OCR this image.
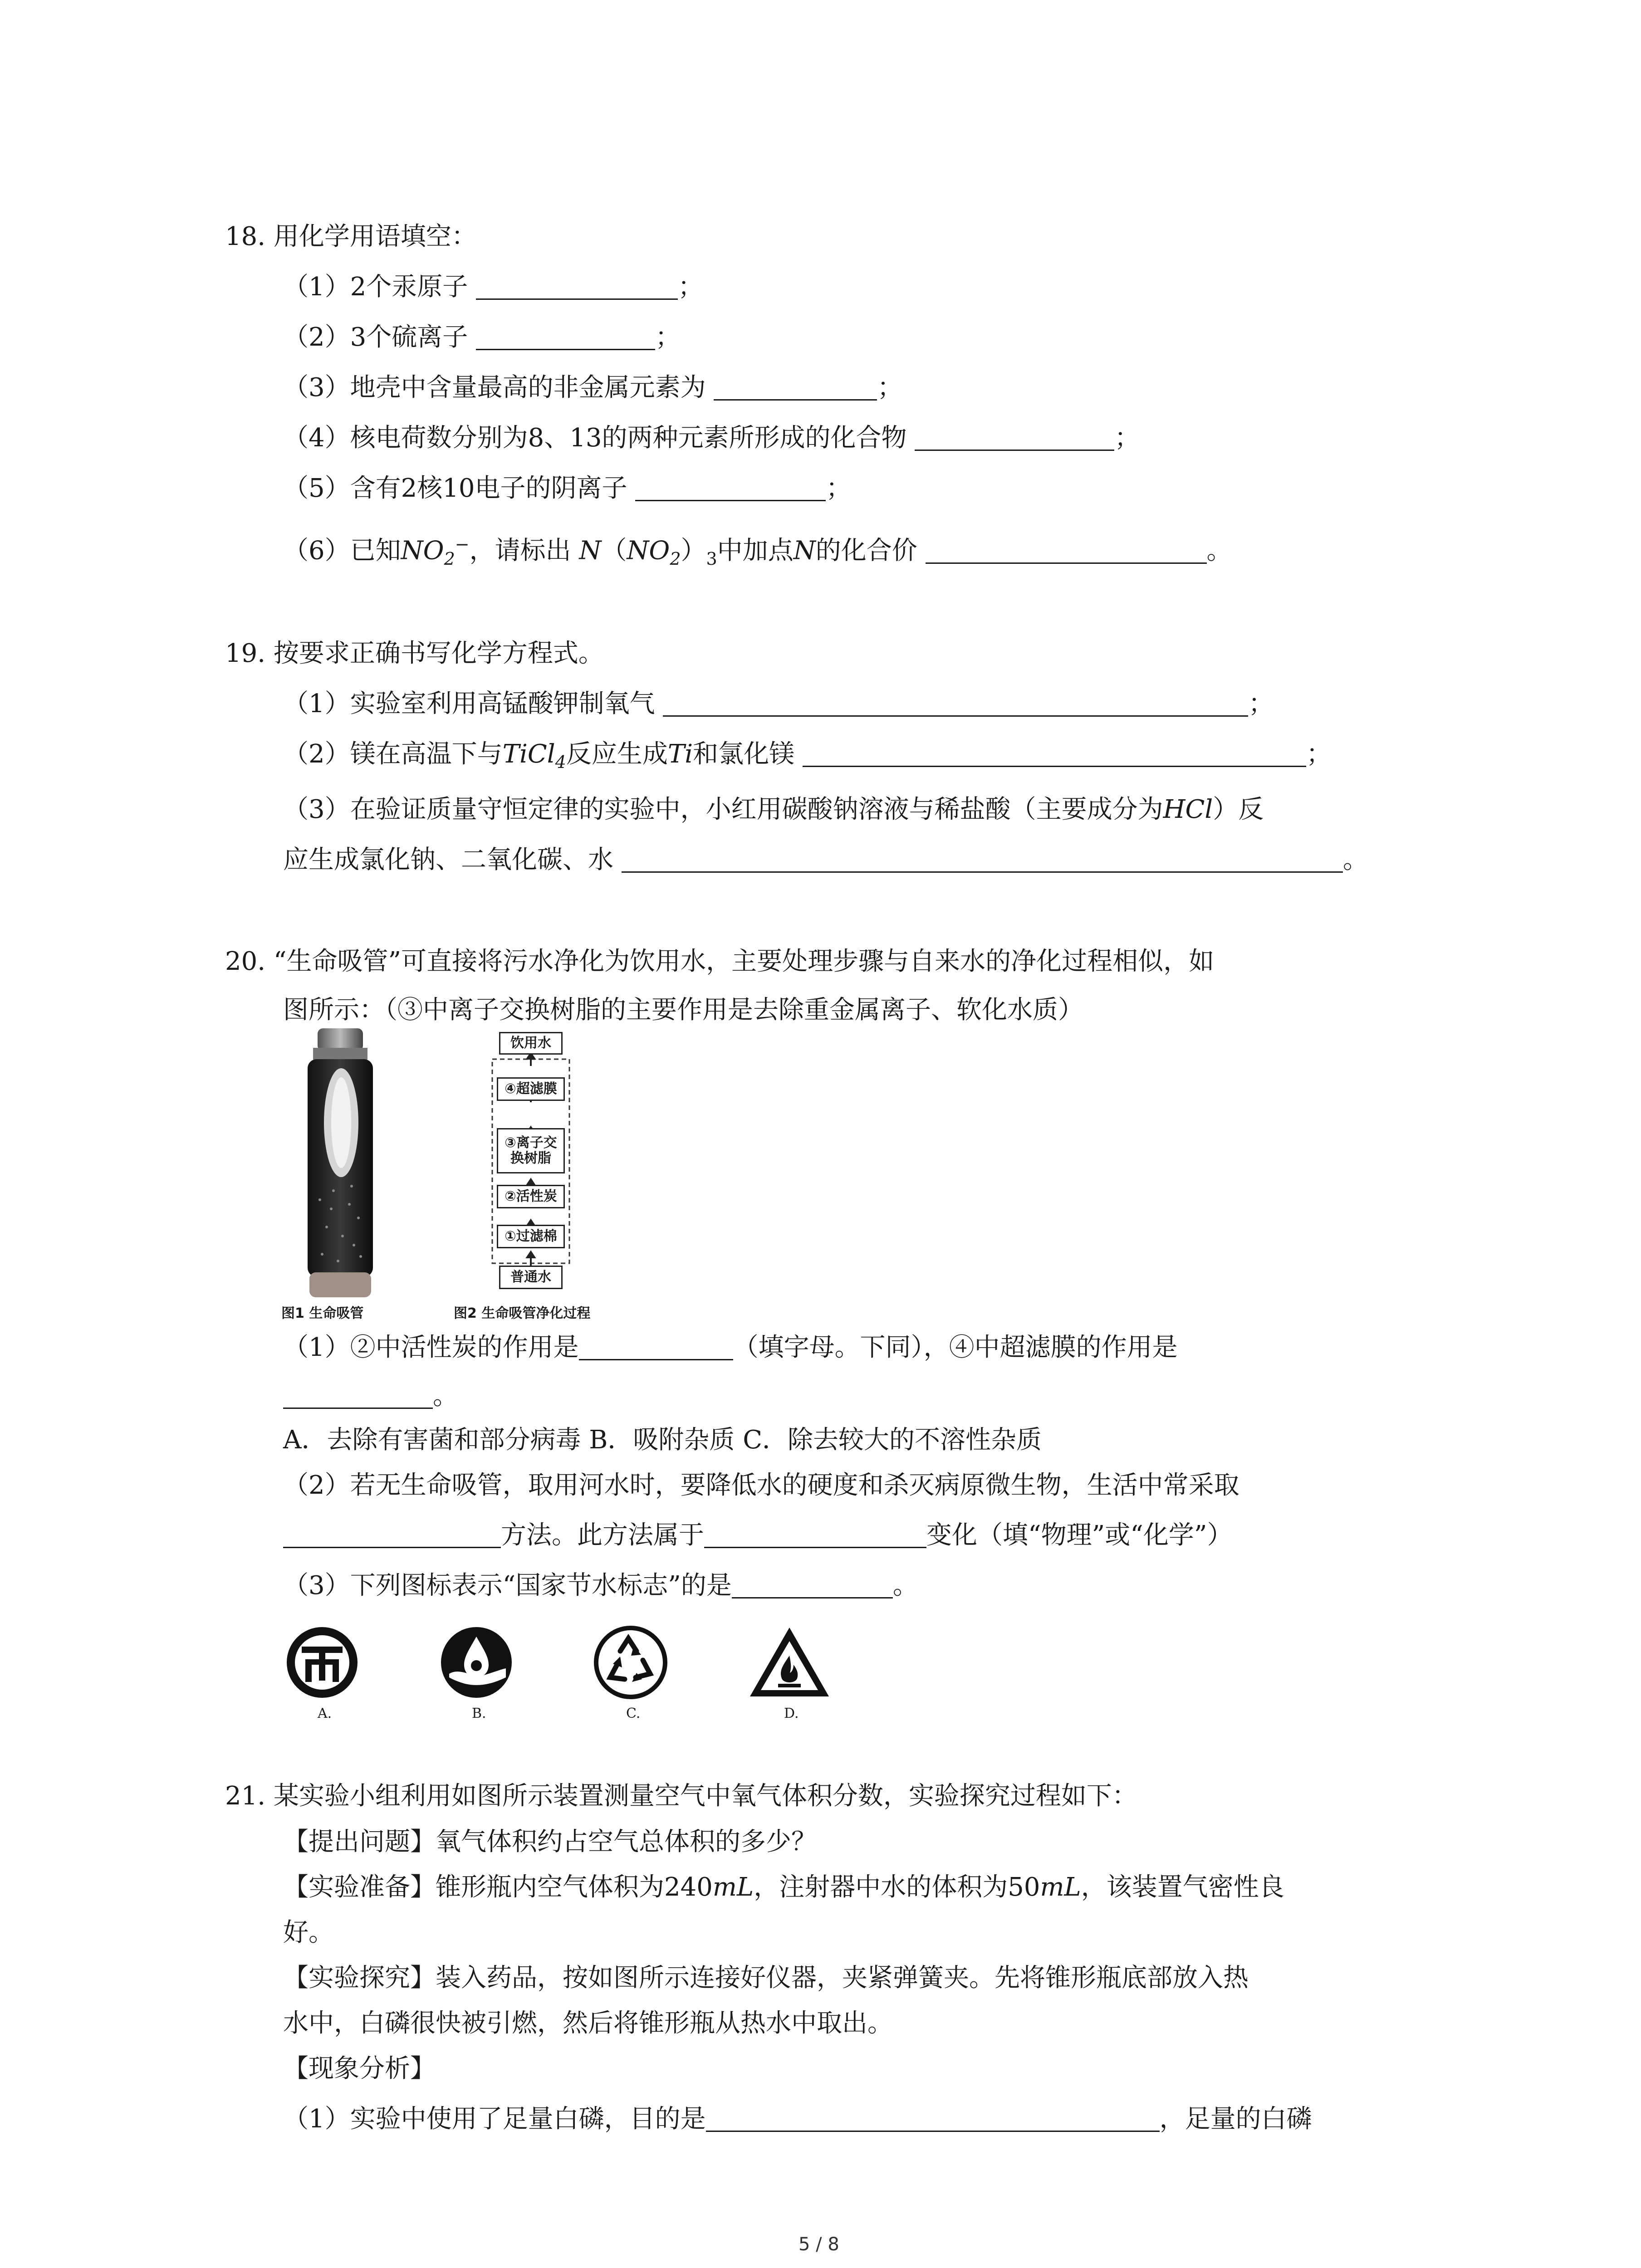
18. 用化学用语填空：
（1）2个汞原子	；
（2）3个硫离子	；
（3）地壳中含量最高的非金属元素为	；
（4）核电荷数分别为8、13的两种元素所形成的化合物	；
（5）含有2核10电子的阴离子	；
（6）已知$NO_2^-$，请标出 $N(NO_2)_3$中加点N的化合价	。
19. 按要求正确书写化学方程式。
（1）实验室利用高锰酸钾制氧气	；
（2）镁在高温下与TiCl$_4$反应生成Ti和氯化镁	；
（3）在验证质量守恒定律的实验中，小红用碳酸钠溶液与稀盐酸（主要成分为HCl）反
应生成氯化钠、二氧化碳、水	。
20. “生命吸管”可直接将污水净化为饮用水，主要处理步骤与自来水的净化过程相似，如
图所示：（③中离子交换树脂的主要作用是去除重金属离子、软化水质）
图1 生命吸管
饮用水
④超滤膜
③离子交
换树脂
②活性炭
①过滤棉
普通水
图2 生命吸管净化过程
（1）②中活性炭的作用是	（填字母。下同），④中超滤膜的作用是
。
A．去除有害菌和部分病毒 B．吸附杂质 C．除去较大的不溶性杂质
（2）若无生命吸管，取用河水时，要降低水的硬度和杀灭病原微生物，生活中常采取
方法。此方法属于	变化（填“物理”或“化学”）
（3）下列图标表示“国家节水标志”的是	。
A.	B.	C.	D.
21. 某实验小组利用如图所示装置测量空气中氧气体积分数，实验探究过程如下：
【提出问题】氧气体积约占空气总体积的多少？
【实验准备】锥形瓶内空气体积为240mL，注射器中水的体积为50mL，该装置气密性良
好。
【实验探究】装入药品，按如图所示连接好仪器，夹紧弹簧夹。先将锥形瓶底部放入热
水中，白磷很快被引燃，然后将锥形瓶从热水中取出。
【现象分析】
（1）实验中使用了足量白磷，目的是	，足量的白磷
5 / 8
